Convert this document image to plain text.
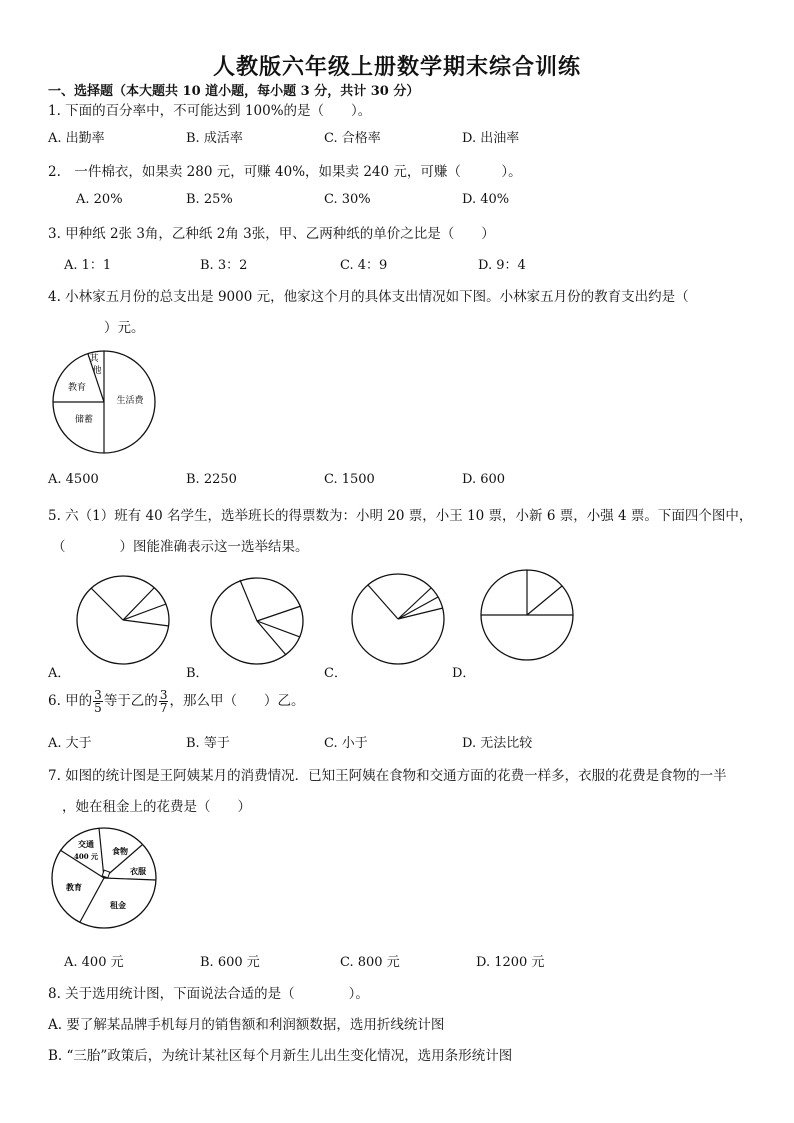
人教版六年级上册数学期末综合训练
一、选择题（本大题共 10 道小题，每小题 3 分，共计 30 分）
1. 下面的百分率中，不可能达到 100%的是（　　）。
A. 出勤率	B. 成活率	C. 合格率	D. 出油率
2.　一件棉衣，如果卖 280 元，可赚 40%，如果卖 240 元，可赚（　　　）。
A. 20%	B. 25%	C. 30%	D. 40%
3. 甲种纸 2张 3角，乙种纸 2角 3张，甲、乙两种纸的单价之比是（　　）
A. 1：1	B. 3：2	C. 4：9	D. 9：4
4. 小林家五月份的总支出是 9000 元，他家这个月的具体支出情况如下图。小林家五月份的教育支出约是（
）元。
其
他
教育
储蓄
生活费
A. 4500	B. 2250	C. 1500	D. 600
5. 六（1）班有 40 名学生，选举班长的得票数为：小明 20 票，小王 10 票，小新 6 票，小强 4 票。下面四个图中，
（　　　　）图能准确表示这一选举结果。
A．	B．	C．	D．
6. 甲的 $\frac{3}{5}$ 等于乙的 $\frac{3}{7}$ ，那么甲（　　）乙。
A. 大于	B. 等于	C. 小于	D. 无法比较
7. 如图的统计图是王阿姨某月的消费情况．已知王阿姨在食物和交通方面的花费一样多，衣服的花费是食物的一半
，她在租金上的花费是（　　）
交通
400 元
食物
衣服
教育
租金
A. 400 元	B. 600 元	C. 800 元	D. 1200 元
8. 关于选用统计图，下面说法合适的是（　　　　）。
A. 要了解某品牌手机每月的销售额和利润额数据，选用折线统计图
B. “三胎”政策后，为统计某社区每个月新生儿出生变化情况，选用条形统计图
